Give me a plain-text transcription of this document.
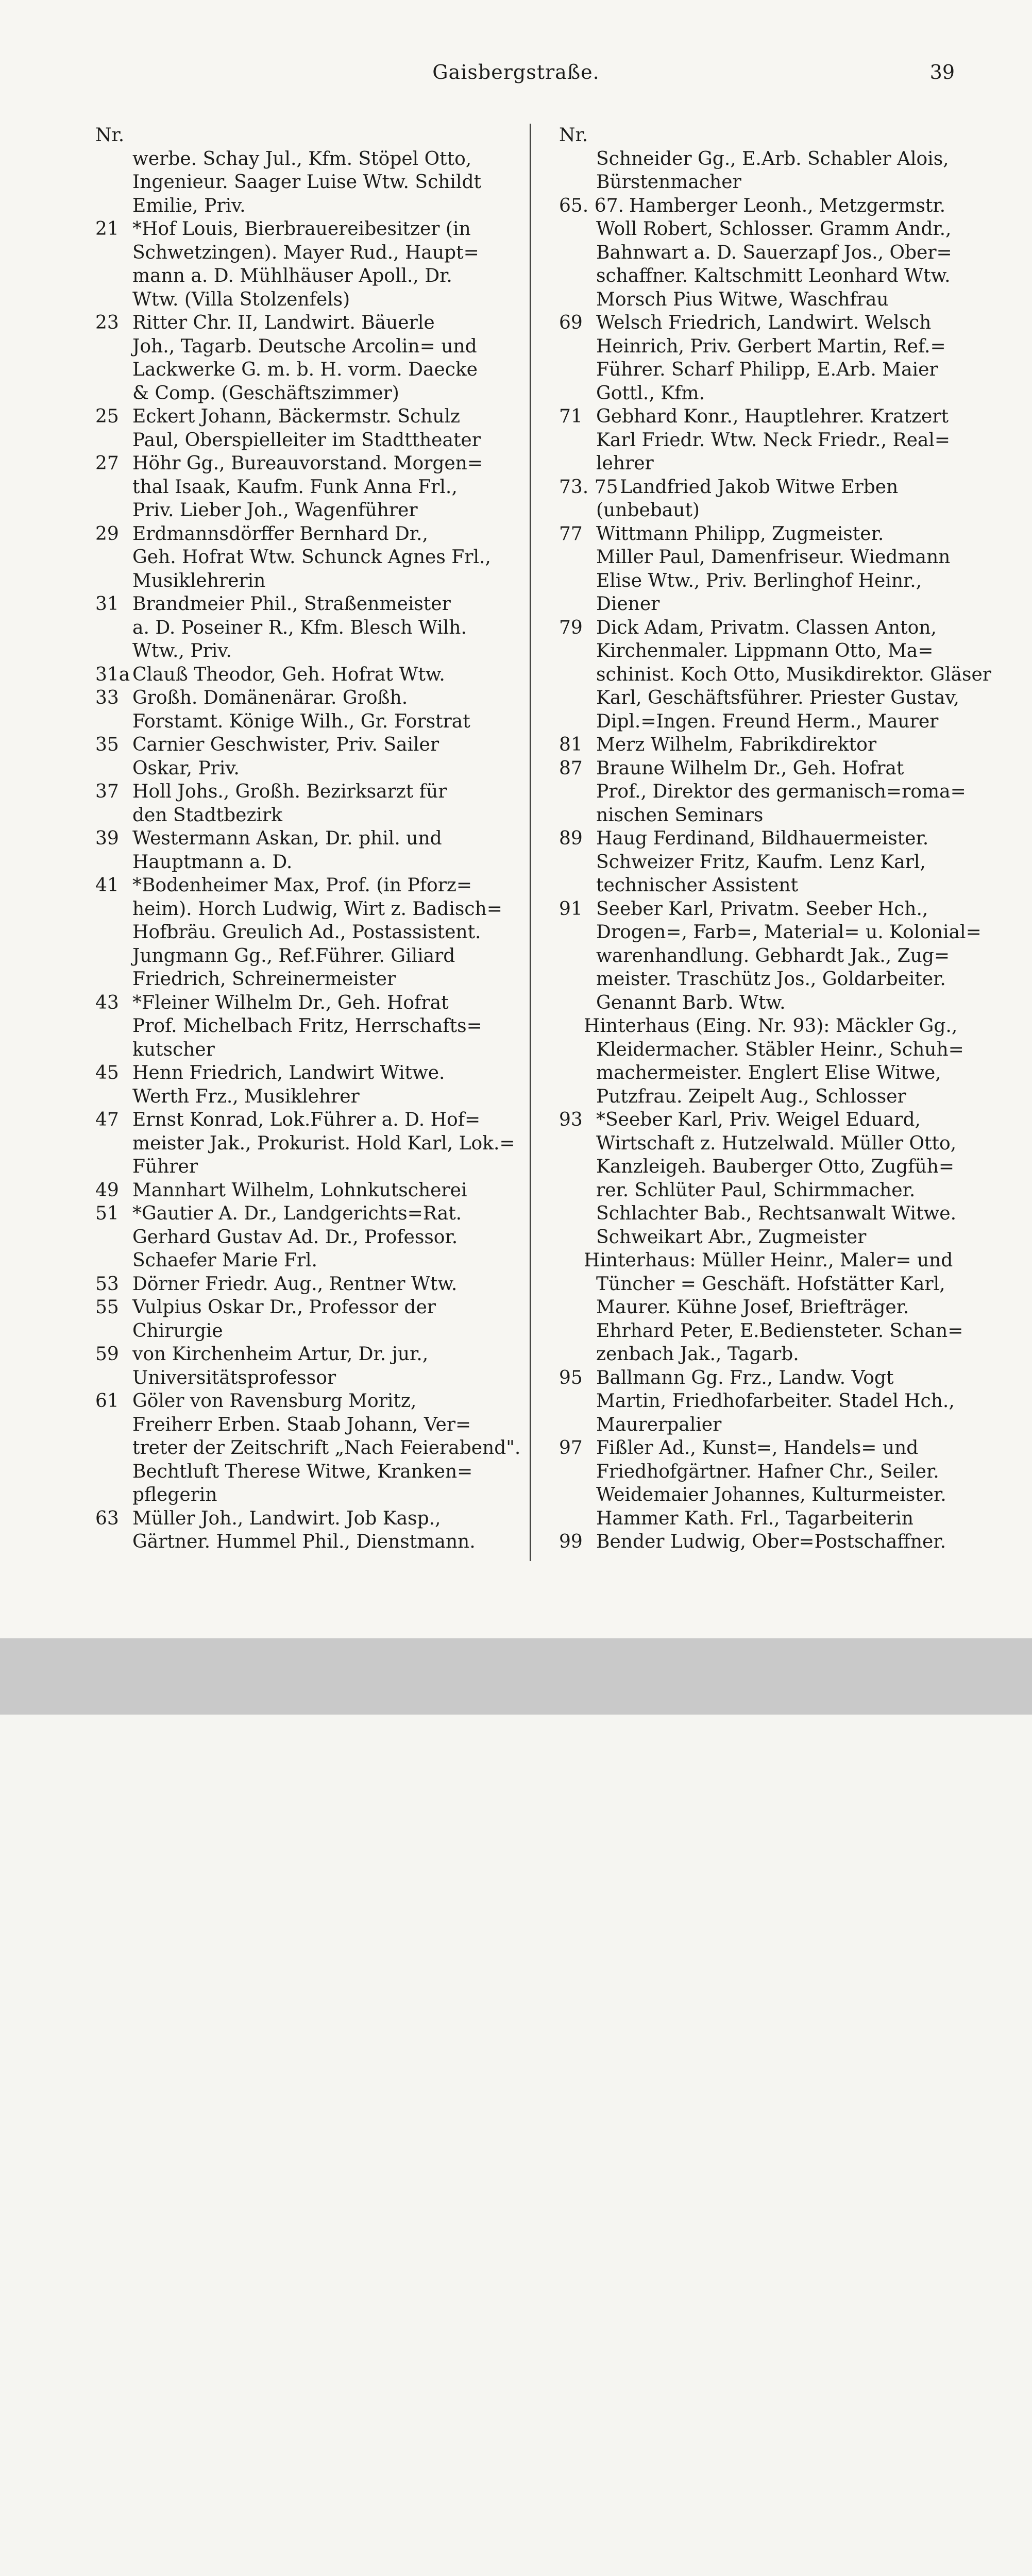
Gaisbergstraße.	39
Nr.
werbe. Schay Jul., Kfm. Stöpel Otto,
Ingenieur. Saager Luise Wtw. Schildt
Emilie, Priv.
21 *Hof Louis, Bierbrauereibesitzer (in
Schwetzingen). Mayer Rud., Haupt=
mann a. D. Mühlhäuser Apoll., Dr.
Wtw. (Villa Stolzenfels)
23 Ritter Chr. II, Landwirt. Bäuerle
Joh., Tagarb. Deutsche Arcolin= und
Lackwerke G. m. b. H. vorm. Daecke
& Comp. (Geschäftszimmer)
25 Eckert Johann, Bäckermstr. Schulz
Paul, Oberspielleiter im Stadttheater
27 Höhr Gg., Bureauvorstand. Morgen=
thal Isaak, Kaufm. Funk Anna Frl.,
Priv. Lieber Joh., Wagenführer
29 Erdmannsdörffer Bernhard Dr.,
Geh. Hofrat Wtw. Schunck Agnes Frl.,
Musiklehrerin
31 Brandmeier Phil., Straßenmeister
a. D. Poseiner R., Kfm. Blesch Wilh.
Wtw., Priv.
31a Clauß Theodor, Geh. Hofrat Wtw.
33 Großh. Domänenärar. Großh.
Forstamt. Könige Wilh., Gr. Forstrat
35 Carnier Geschwister, Priv. Sailer
Oskar, Priv.
37 Holl Johs., Großh. Bezirksarzt für
den Stadtbezirk
39 Westermann Askan, Dr. phil. und
Hauptmann a. D.
41 *Bodenheimer Max, Prof. (in Pforz=
heim). Horch Ludwig, Wirt z. Badisch=
Hofbräu. Greulich Ad., Postassistent.
Jungmann Gg., Ref.Führer. Giliard
Friedrich, Schreinermeister
43 *Fleiner Wilhelm Dr., Geh. Hofrat
Prof. Michelbach Fritz, Herrschafts=
kutscher
45 Henn Friedrich, Landwirt Witwe.
Werth Frz., Musiklehrer
47 Ernst Konrad, Lok.Führer a. D. Hof=
meister Jak., Prokurist. Hold Karl, Lok.=
Führer
49 Mannhart Wilhelm, Lohnkutscherei
51 *Gautier A. Dr., Landgerichts=Rat.
Gerhard Gustav Ad. Dr., Professor.
Schaefer Marie Frl.
53 Dörner Friedr. Aug., Rentner Wtw.
55 Vulpius Oskar Dr., Professor der
Chirurgie
59 von Kirchenheim Artur, Dr. jur.,
Universitätsprofessor
61 Göler von Ravensburg Moritz,
Freiherr Erben. Staab Johann, Ver=
treter der Zeitschrift „Nach Feierabend".
Bechtluft Therese Witwe, Kranken=
pflegerin
63 Müller Joh., Landwirt. Job Kasp.,
Gärtner. Hummel Phil., Dienstmann.
Nr.
Schneider Gg., E.Arb. Schabler Alois,
Bürstenmacher
65. 67. Hamberger Leonh., Metzgermstr.
Woll Robert, Schlosser. Gramm Andr.,
Bahnwart a. D. Sauerzapf Jos., Ober=
schaffner. Kaltschmitt Leonhard Wtw.
Morsch Pius Witwe, Waschfrau
69 Welsch Friedrich, Landwirt. Welsch
Heinrich, Priv. Gerbert Martin, Ref.=
Führer. Scharf Philipp, E.Arb. Maier
Gottl., Kfm.
71 Gebhard Konr., Hauptlehrer. Kratzert
Karl Friedr. Wtw. Neck Friedr., Real=
lehrer
73. 75 Landfried Jakob Witwe Erben
(unbebaut)
77 Wittmann Philipp, Zugmeister.
Miller Paul, Damenfriseur. Wiedmann
Elise Wtw., Priv. Berlinghof Heinr.,
Diener
79 Dick Adam, Privatm. Classen Anton,
Kirchenmaler. Lippmann Otto, Ma=
schinist. Koch Otto, Musikdirektor. Gläser
Karl, Geschäftsführer. Priester Gustav,
Dipl.=Ingen. Freund Herm., Maurer
81 Merz Wilhelm, Fabrikdirektor
87 Braune Wilhelm Dr., Geh. Hofrat
Prof., Direktor des germanisch=roma=
nischen Seminars
89 Haug Ferdinand, Bildhauermeister.
Schweizer Fritz, Kaufm. Lenz Karl,
technischer Assistent
91 Seeber Karl, Privatm. Seeber Hch.,
Drogen=, Farb=, Material= u. Kolonial=
warenhandlung. Gebhardt Jak., Zug=
meister. Traschütz Jos., Goldarbeiter.
Genannt Barb. Wtw.
Hinterhaus (Eing. Nr. 93): Mäckler Gg.,
Kleidermacher. Stäbler Heinr., Schuh=
machermeister. Englert Elise Witwe,
Putzfrau. Zeipelt Aug., Schlosser
93 *Seeber Karl, Priv. Weigel Eduard,
Wirtschaft z. Hutzelwald. Müller Otto,
Kanzleigeh. Bauberger Otto, Zugfüh=
rer. Schlüter Paul, Schirmmacher.
Schlachter Bab., Rechtsanwalt Witwe.
Schweikart Abr., Zugmeister
Hinterhaus: Müller Heinr., Maler= und
Tüncher = Geschäft. Hofstätter Karl,
Maurer. Kühne Josef, Briefträger.
Ehrhard Peter, E.Bediensteter. Schan=
zenbach Jak., Tagarb.
95 Ballmann Gg. Frz., Landw. Vogt
Martin, Friedhofarbeiter. Stadel Hch.,
Maurerpalier
97 Fißler Ad., Kunst=, Handels= und
Friedhofgärtner. Hafner Chr., Seiler.
Weidemaier Johannes, Kulturmeister.
Hammer Kath. Frl., Tagarbeiterin
99 Bender Ludwig, Ober=Postschaffner.
